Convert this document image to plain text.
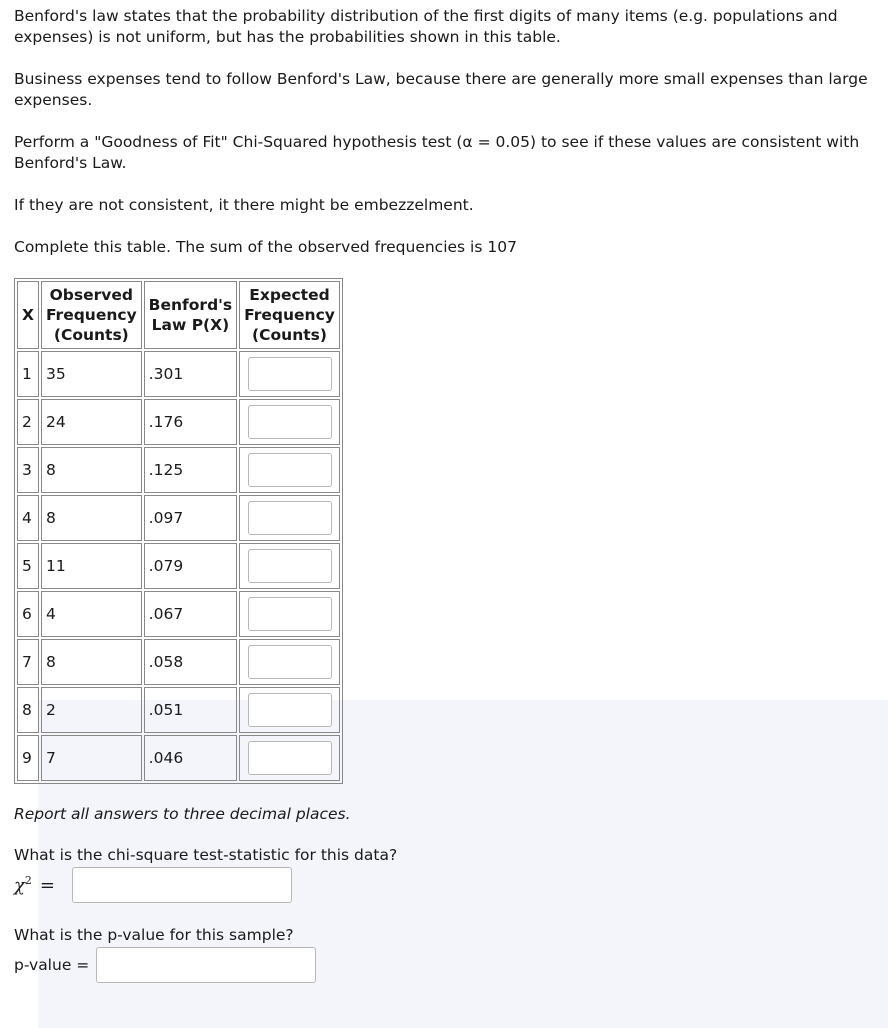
Benford's law states that the probability distribution of the first digits of many items (e.g. populations and expenses) is not uniform, but has the probabilities shown in this table.

Business expenses tend to follow Benford's Law, because there are generally more small expenses than large expenses.

Perform a "Goodness of Fit" Chi-Squared hypothesis test (α = 0.05) to see if these values are consistent with Benford's Law.

If they are not consistent, it there might be embezzelment.

Complete this table. The sum of the observed frequencies is 107

X	Observed Frequency (Counts)	Benford's Law P(X)	Expected Frequency (Counts)
1	35	.301	

2	24	.176	

3	8	.125	

4	8	.097	

5	11	.079	

6	4	.067	

7	8	.058	

8	2	.051	

9	7	.046	

Report all answers to three decimal places.

What is the chi-square test-statistic for this data?

$\chi^2$ =

What is the p-value for this sample?

p-value =
